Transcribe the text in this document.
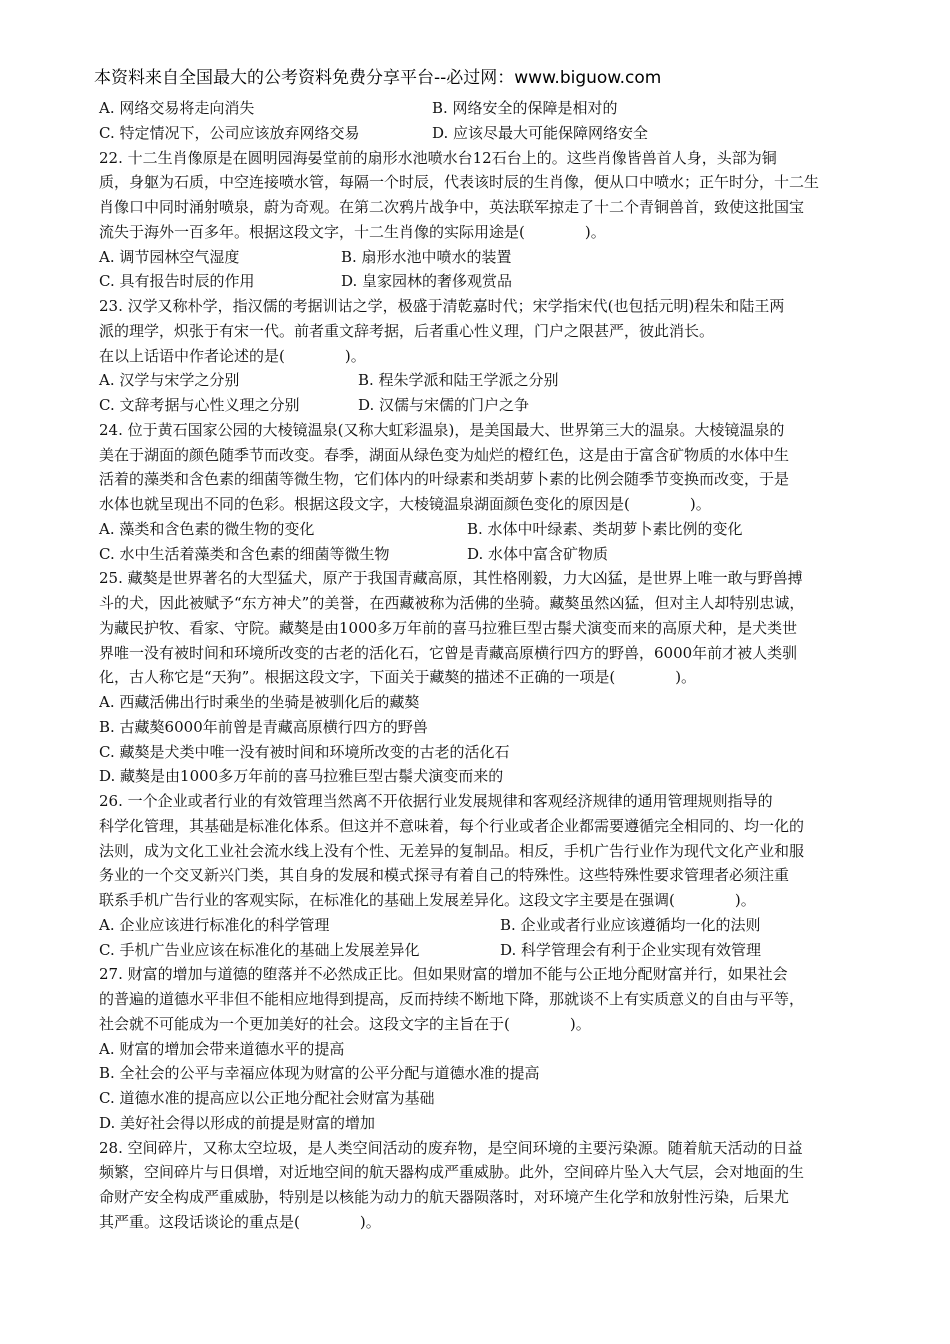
本资料来自全国最大的公考资料免费分享平台--必过网：www.biguow.com
A. 网络交易将走向消失	B. 网络安全的保障是相对的
C. 特定情况下，公司应该放弃网络交易	D. 应该尽最大可能保障网络安全
22. 十二生肖像原是在圆明园海晏堂前的扇形水池喷水台12石台上的。这些肖像皆兽首人身，头部为铜
质，身躯为石质，中空连接喷水管，每隔一个时辰，代表该时辰的生肖像，便从口中喷水；正午时分，十二生
肖像口中同时涌射喷泉，蔚为奇观。在第二次鸦片战争中，英法联军掠走了十二个青铜兽首，致使这批国宝
流失于海外一百多年。根据这段文字，十二生肖像的实际用途是(　　　　)。
A. 调节园林空气湿度	B. 扇形水池中喷水的装置
C. 具有报告时辰的作用	D. 皇家园林的奢侈观赏品
23. 汉学又称朴学，指汉儒的考据训诂之学，极盛于清乾嘉时代；宋学指宋代(也包括元明)程朱和陆王两
派的理学，炽张于有宋一代。前者重文辞考据，后者重心性义理，门户之限甚严，彼此消长。
在以上话语中作者论述的是(　　　　)。
A. 汉学与宋学之分别	B. 程朱学派和陆王学派之分别
C. 文辞考据与心性义理之分别	D. 汉儒与宋儒的门户之争
24. 位于黄石国家公园的大棱镜温泉(又称大虹彩温泉)，是美国最大、世界第三大的温泉。大棱镜温泉的
美在于湖面的颜色随季节而改变。春季，湖面从绿色变为灿烂的橙红色，这是由于富含矿物质的水体中生
活着的藻类和含色素的细菌等微生物，它们体内的叶绿素和类胡萝卜素的比例会随季节变换而改变，于是
水体也就呈现出不同的色彩。根据这段文字，大棱镜温泉湖面颜色变化的原因是(　　　　)。
A. 藻类和含色素的微生物的变化	B. 水体中叶绿素、类胡萝卜素比例的变化
C. 水中生活着藻类和含色素的细菌等微生物	D. 水体中富含矿物质
25. 藏獒是世界著名的大型猛犬，原产于我国青藏高原，其性格刚毅，力大凶猛，是世界上唯一敢与野兽搏
斗的犬，因此被赋予“东方神犬”的美誉，在西藏被称为活佛的坐骑。藏獒虽然凶猛，但对主人却特别忠诚，
为藏民护牧、看家、守院。藏獒是由1000多万年前的喜马拉雅巨型古鬃犬演变而来的高原犬种，是犬类世
界唯一没有被时间和环境所改变的古老的活化石，它曾是青藏高原横行四方的野兽，6000年前才被人类驯
化，古人称它是“天狗”。根据这段文字，下面关于藏獒的描述不正确的一项是(　　　　)。
A. 西藏活佛出行时乘坐的坐骑是被驯化后的藏獒
B. 古藏獒6000年前曾是青藏高原横行四方的野兽
C. 藏獒是犬类中唯一没有被时间和环境所改变的古老的活化石
D. 藏獒是由1000多万年前的喜马拉雅巨型古鬃犬演变而来的
26. 一个企业或者行业的有效管理当然离不开依据行业发展规律和客观经济规律的通用管理规则指导的
科学化管理，其基础是标准化体系。但这并不意味着，每个行业或者企业都需要遵循完全相同的、均一化的
法则，成为文化工业社会流水线上没有个性、无差异的复制品。相反，手机广告行业作为现代文化产业和服
务业的一个交叉新兴门类，其自身的发展和模式探寻有着自己的特殊性。这些特殊性要求管理者必须注重
联系手机广告行业的客观实际，在标准化的基础上发展差异化。这段文字主要是在强调(　　　　)。
A. 企业应该进行标准化的科学管理	B. 企业或者行业应该遵循均一化的法则
C. 手机广告业应该在标准化的基础上发展差异化	D. 科学管理会有利于企业实现有效管理
27. 财富的增加与道德的堕落并不必然成正比。但如果财富的增加不能与公正地分配财富并行，如果社会
的普遍的道德水平非但不能相应地得到提高，反而持续不断地下降，那就谈不上有实质意义的自由与平等，
社会就不可能成为一个更加美好的社会。这段文字的主旨在于(　　　　)。
A. 财富的增加会带来道德水平的提高
B. 全社会的公平与幸福应体现为财富的公平分配与道德水准的提高
C. 道德水准的提高应以公正地分配社会财富为基础
D. 美好社会得以形成的前提是财富的增加
28. 空间碎片，又称太空垃圾，是人类空间活动的废弃物，是空间环境的主要污染源。随着航天活动的日益
频繁，空间碎片与日俱增，对近地空间的航天器构成严重威胁。此外，空间碎片坠入大气层，会对地面的生
命财产安全构成严重威胁，特别是以核能为动力的航天器陨落时，对环境产生化学和放射性污染，后果尤
其严重。这段话谈论的重点是(　　　　)。
